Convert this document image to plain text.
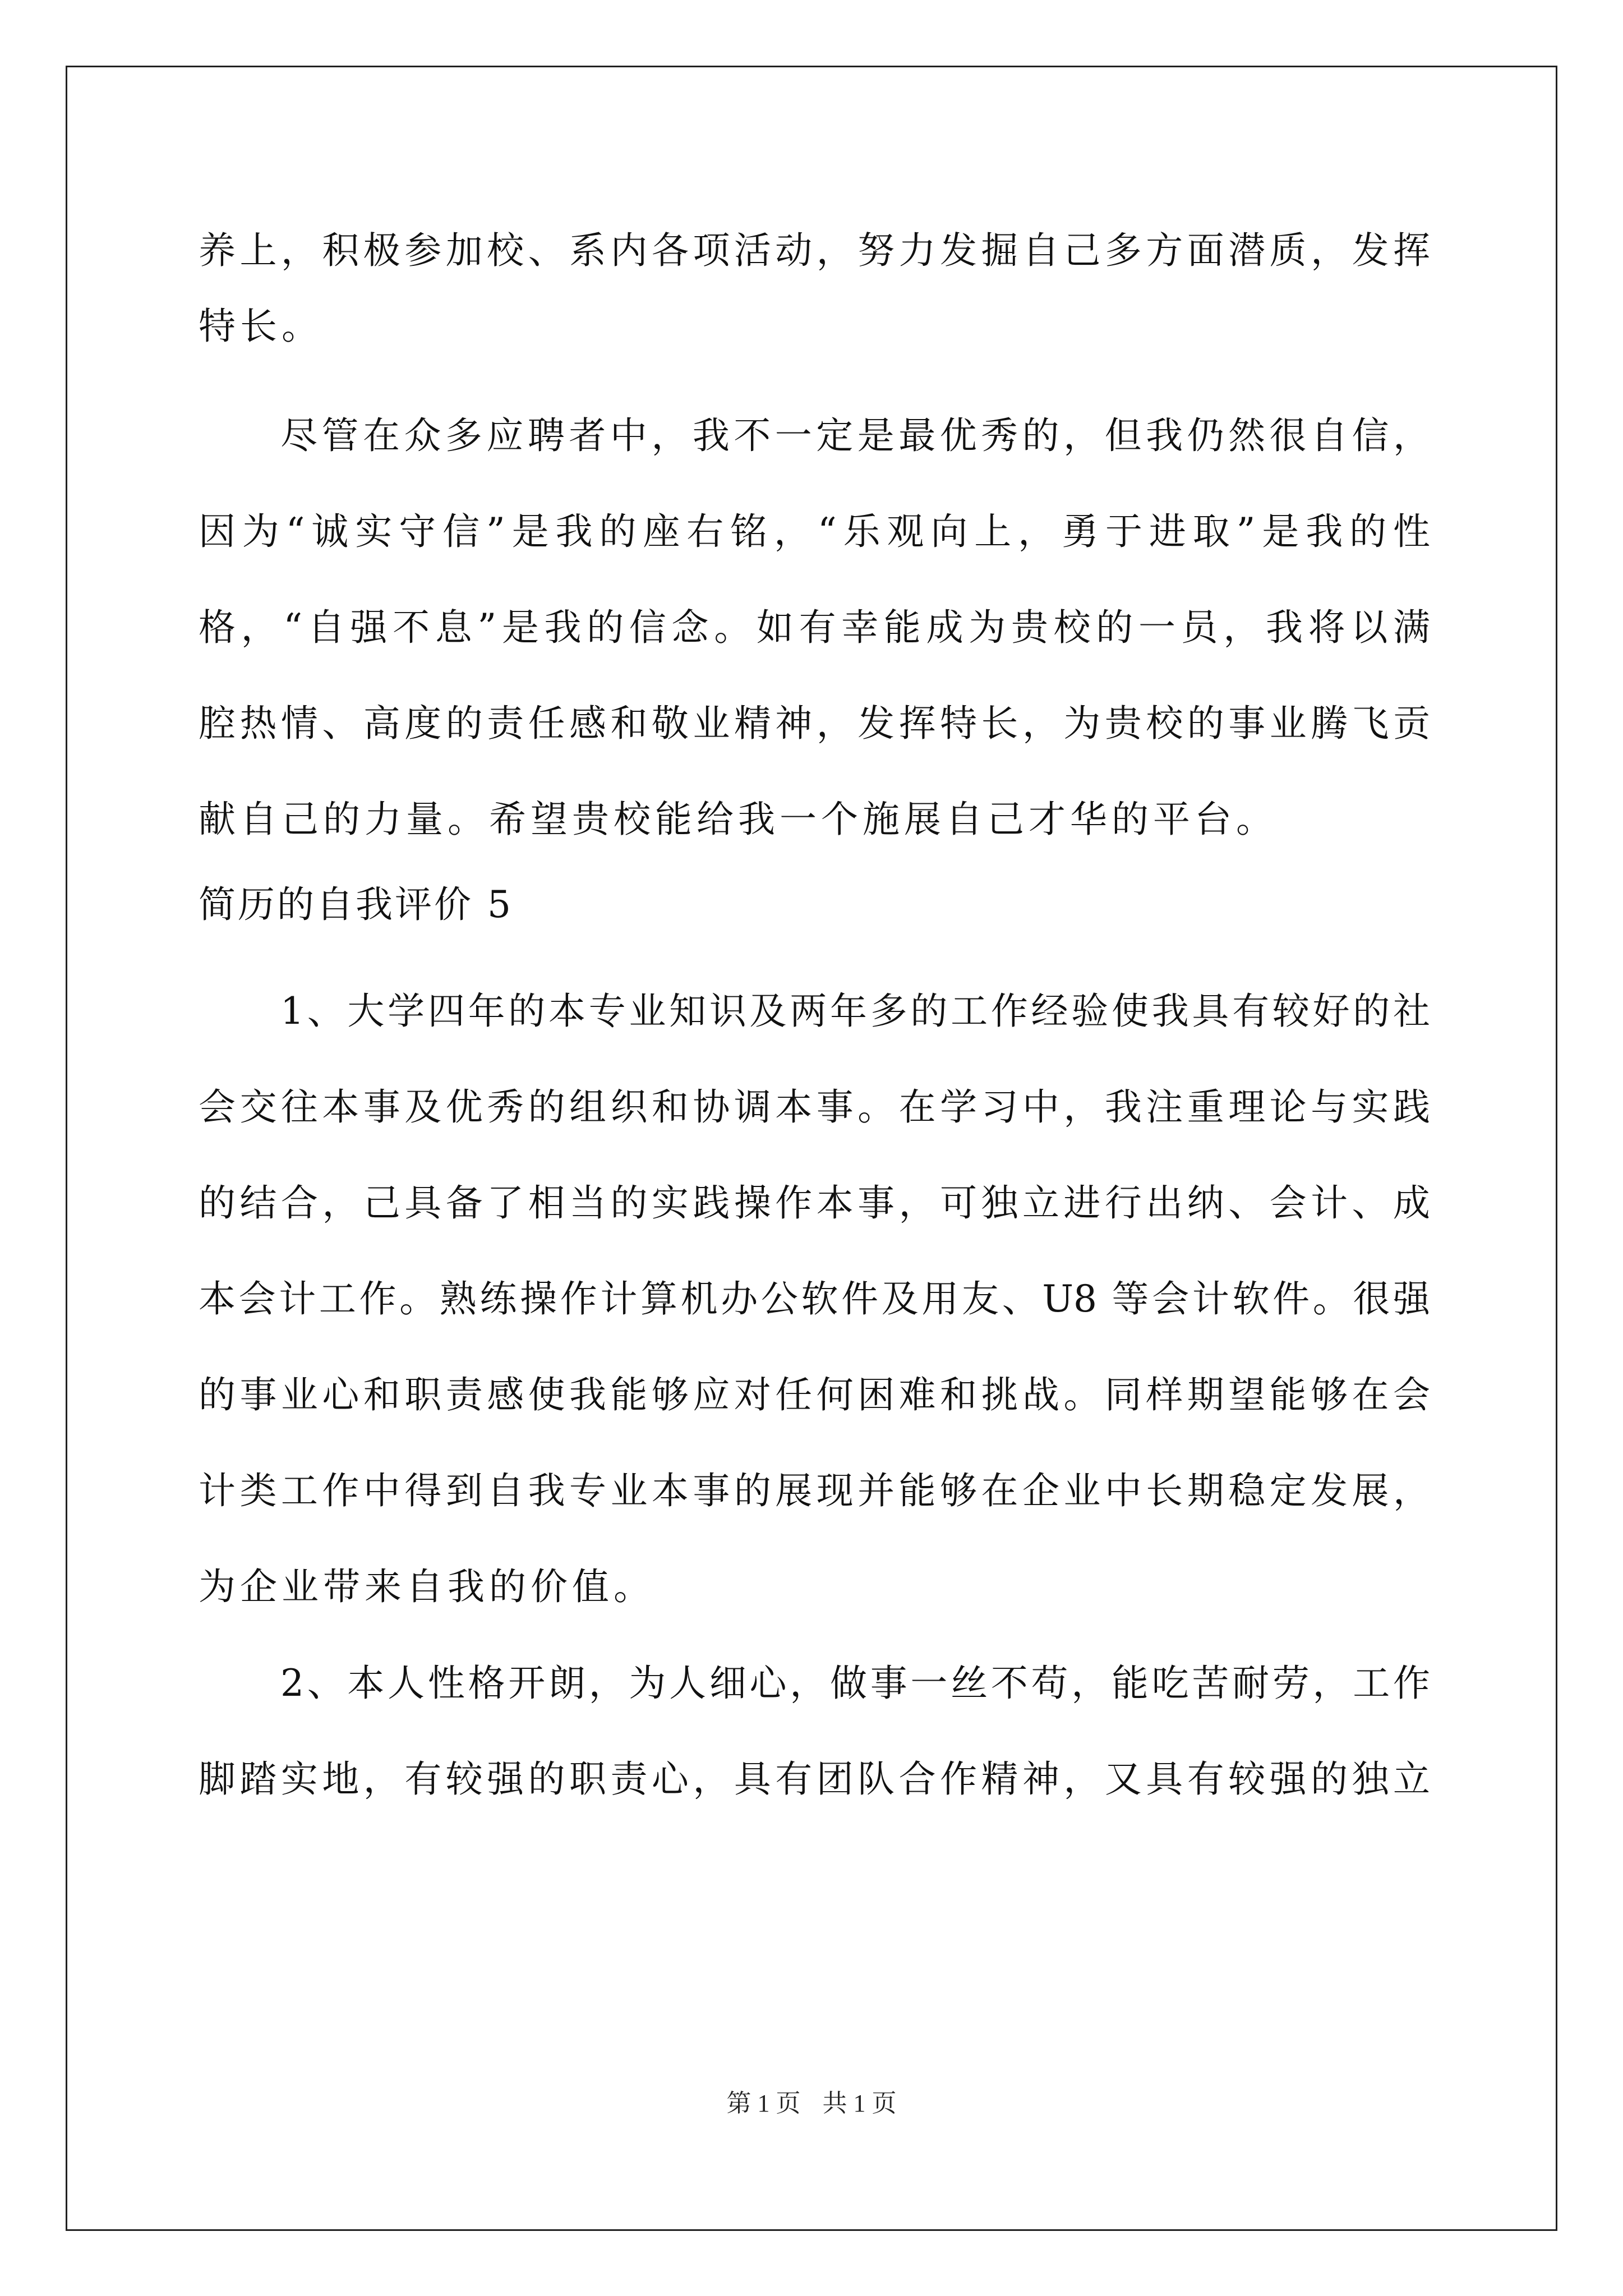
养上，积极参加校、系内各项活动，努力发掘自己多方面潜质，发挥
特长。
尽管在众多应聘者中，我不一定是最优秀的，但我仍然很自信，
因为“诚实守信”是我的座右铭，“乐观向上，勇于进取”是我的性
格，“自强不息”是我的信念。如有幸能成为贵校的一员，我将以满
腔热情、高度的责任感和敬业精神，发挥特长，为贵校的事业腾飞贡
献自己的力量。希望贵校能给我一个施展自己才华的平台。
简历的自我评价 5
1、大学四年的本专业知识及两年多的工作经验使我具有较好的社
会交往本事及优秀的组织和协调本事。在学习中，我注重理论与实践
的结合，己具备了相当的实践操作本事，可独立进行出纳、会计、成
本会计工作。熟练操作计算机办公软件及用友、U8 等会计软件。很强
的事业心和职责感使我能够应对任何困难和挑战。同样期望能够在会
计类工作中得到自我专业本事的展现并能够在企业中长期稳定发展，
为企业带来自我的价值。
2、本人性格开朗，为人细心，做事一丝不苟，能吃苦耐劳，工作
脚踏实地，有较强的职责心，具有团队合作精神，又具有较强的独立
第 1 页 共 1 页
